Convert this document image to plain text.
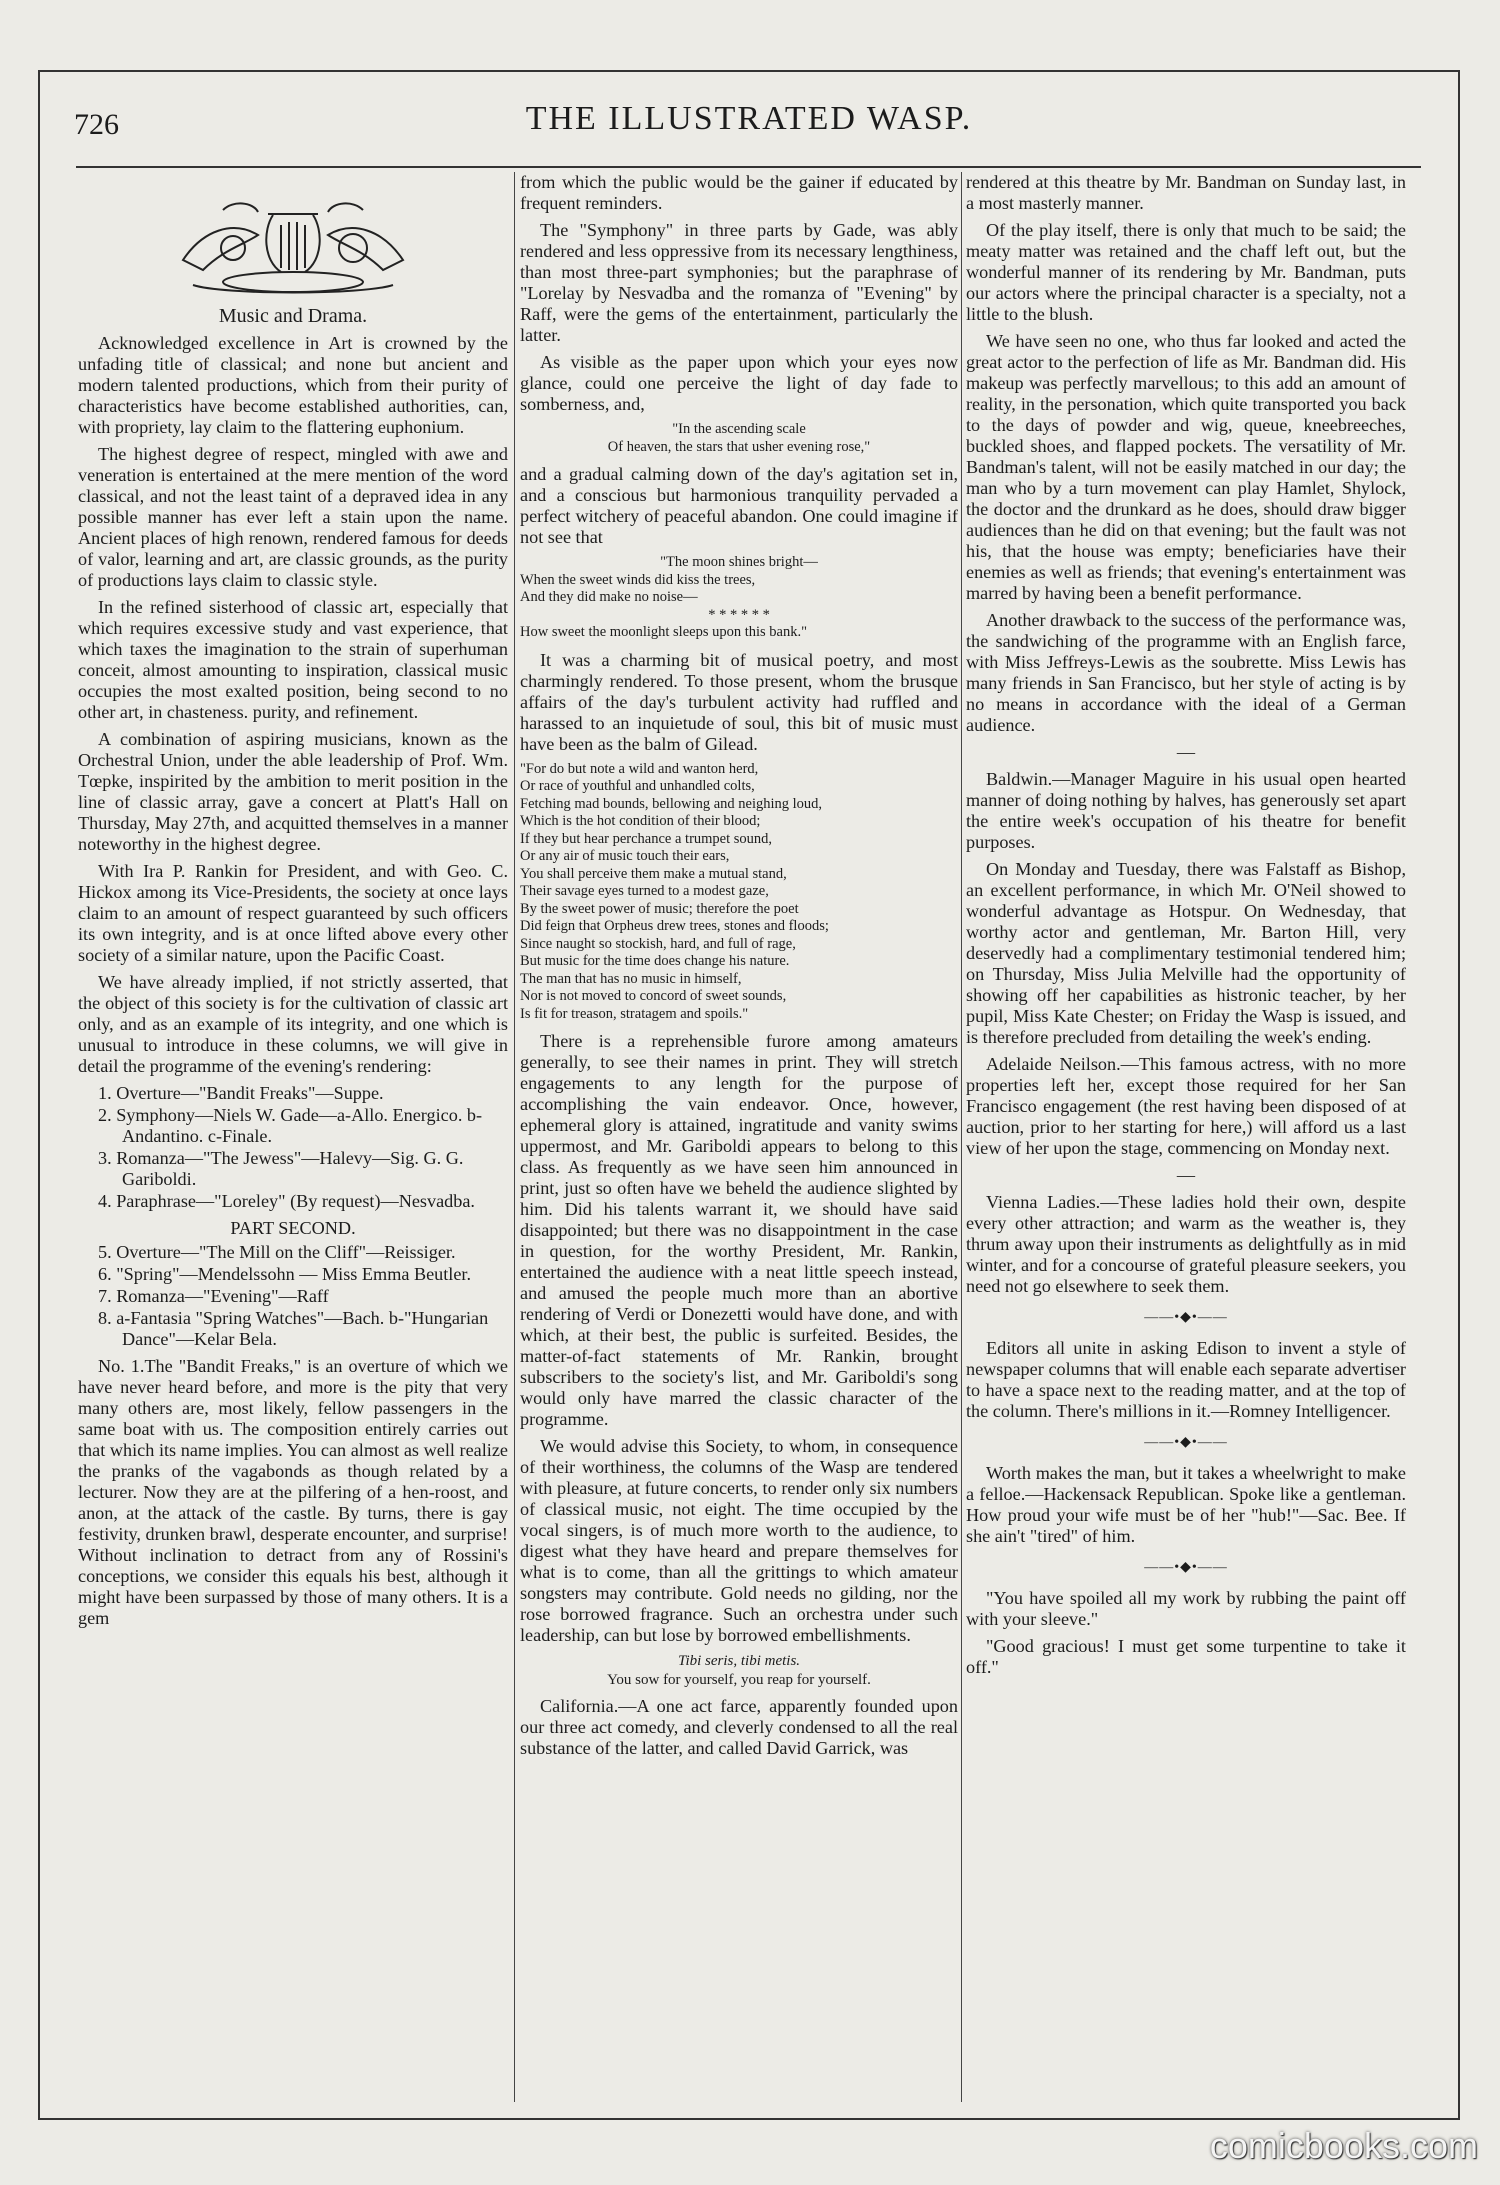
726	THE ILLUSTRATED WASP.
Music and Drama.

Acknowledged excellence in Art is crowned by the unfading title of classical; and none but ancient and modern talented productions, which from their purity of characteristics have become established authorities, can, with propriety, lay claim to the flattering euphonium.

The highest degree of respect, mingled with awe and veneration is entertained at the mere mention of the word classical, and not the least taint of a depraved idea in any possible manner has ever left a stain upon the name. Ancient places of high renown, rendered famous for deeds of valor, learning and art, are classic grounds, as the purity of productions lays claim to classic style.

In the refined sisterhood of classic art, especially that which requires excessive study and vast experience, that which taxes the imagination to the strain of superhuman conceit, almost amounting to inspiration, classical music occupies the most exalted position, being second to no other art, in chasteness. purity, and refinement.

A combination of aspiring musicians, known as the Orchestral Union, under the able leadership of Prof. Wm. Tœpke, inspirited by the ambition to merit position in the line of classic array, gave a concert at Platt's Hall on Thursday, May 27th, and acquitted themselves in a manner noteworthy in the highest degree.

With Ira P. Rankin for President, and with Geo. C. Hickox among its Vice-Presidents, the society at once lays claim to an amount of respect guaranteed by such officers its own integrity, and is at once lifted above every other society of a similar nature, upon the Pacific Coast.

We have already implied, if not strictly asserted, that the object of this society is for the cultivation of classic art only, and as an example of its integrity, and one which is unusual to introduce in these columns, we will give in detail the programme of the evening's rendering:

1. Overture—"Bandit Freaks"—Suppe.
2. Symphony—Niels W. Gade—a-Allo. Energico. b-Andantino. c-Finale.
3. Romanza—"The Jewess"—Halevy—Sig. G. G. Gariboldi.
4. Paraphrase—"Loreley" (By request)—Nesvadba.
PART SECOND.
5. Overture—"The Mill on the Cliff"—Reissiger.
6. "Spring"—Mendelssohn — Miss Emma Beutler.
7. Romanza—"Evening"—Raff
8. a-Fantasia "Spring Watches"—Bach. b-"Hungarian Dance"—Kelar Bela.

No. 1.The "Bandit Freaks," is an overture of which we have never heard before, and more is the pity that very many others are, most likely, fellow passengers in the same boat with us. The composition entirely carries out that which its name implies. You can almost as well realize the pranks of the vagabonds as though related by a lecturer. Now they are at the pilfering of a hen-roost, and anon, at the attack of the castle. By turns, there is gay festivity, drunken brawl, desperate encounter, and surprise! Without inclination to detract from any of Rossini's conceptions, we consider this equals his best, although it might have been surpassed by those of many others. It is a gem

from which the public would be the gainer if educated by frequent reminders.

The "Symphony" in three parts by Gade, was ably rendered and less oppressive from its necessary lengthiness, than most three-part symphonies; but the paraphrase of "Lorelay by Nesvadba and the romanza of "Evening" by Raff, were the gems of the entertainment, particularly the latter.

As visible as the paper upon which your eyes now glance, could one perceive the light of day fade to somberness, and,

"In the ascending scale
Of heaven, the stars that usher evening rose,"

and a gradual calming down of the day's agitation set in, and a conscious but harmonious tranquility pervaded a perfect witchery of peaceful abandon. One could imagine if not see that

"The moon shines bright—
When the sweet winds did kiss the trees,
And they did make no noise—
* * * * * *
How sweet the moonlight sleeps upon this bank."

It was a charming bit of musical poetry, and most charmingly rendered. To those present, whom the brusque affairs of the day's turbulent activity had ruffled and harassed to an inquietude of soul, this bit of music must have been as the balm of Gilead.

"For do but note a wild and wanton herd,
Or race of youthful and unhandled colts,
Fetching mad bounds, bellowing and neighing loud,
Which is the hot condition of their blood;
If they but hear perchance a trumpet sound,
Or any air of music touch their ears,
You shall perceive them make a mutual stand,
Their savage eyes turned to a modest gaze,
By the sweet power of music; therefore the poet
Did feign that Orpheus drew trees, stones and floods;
Since naught so stockish, hard, and full of rage,
But music for the time does change his nature.
The man that has no music in himself,
Nor is not moved to concord of sweet sounds,
Is fit for treason, stratagem and spoils."

There is a reprehensible furore among amateurs generally, to see their names in print. They will stretch engagements to any length for the purpose of accomplishing the vain endeavor. Once, however, ephemeral glory is attained, ingratitude and vanity swims uppermost, and Mr. Gariboldi appears to belong to this class. As frequently as we have seen him announced in print, just so often have we beheld the audience slighted by him. Did his talents warrant it, we should have said disappointed; but there was no disappointment in the case in question, for the worthy President, Mr. Rankin, entertained the audience with a neat little speech instead, and amused the people much more than an abortive rendering of Verdi or Donezetti would have done, and with which, at their best, the public is surfeited. Besides, the matter-of-fact statements of Mr. Rankin, brought subscribers to the society's list, and Mr. Gariboldi's song would only have marred the classic character of the programme.

We would advise this Society, to whom, in consequence of their worthiness, the columns of the Wasp are tendered with pleasure, at future concerts, to render only six numbers of classical music, not eight. The time occupied by the vocal singers, is of much more worth to the audience, to digest what they have heard and prepare themselves for what is to come, than all the grittings to which amateur songsters may contribute. Gold needs no gilding, nor the rose borrowed fragrance. Such an orchestra under such leadership, can but lose by borrowed embellishments.

Tibi seris, tibi metis.
You sow for yourself, you reap for yourself.

California.—A one act farce, apparently founded upon our three act comedy, and cleverly condensed to all the real substance of the latter, and called David Garrick, was

rendered at this theatre by Mr. Bandman on Sunday last, in a most masterly manner.

Of the play itself, there is only that much to be said; the meaty matter was retained and the chaff left out, but the wonderful manner of its rendering by Mr. Bandman, puts our actors where the principal character is a specialty, not a little to the blush.

We have seen no one, who thus far looked and acted the great actor to the perfection of life as Mr. Bandman did. His makeup was perfectly marvellous; to this add an amount of reality, in the personation, which quite transported you back to the days of powder and wig, queue, kneebreeches, buckled shoes, and flapped pockets. The versatility of Mr. Bandman's talent, will not be easily matched in our day; the man who by a turn movement can play Hamlet, Shylock, the doctor and the drunkard as he does, should draw bigger audiences than he did on that evening; but the fault was not his, that the house was empty; beneficiaries have their enemies as well as friends; that evening's entertainment was marred by having been a benefit performance.

Another drawback to the success of the performance was, the sandwiching of the programme with an English farce, with Miss Jeffreys-Lewis as the soubrette. Miss Lewis has many friends in San Francisco, but her style of acting is by no means in accordance with the ideal of a German audience.

—

Baldwin.—Manager Maguire in his usual open hearted manner of doing nothing by halves, has generously set apart the entire week's occupation of his theatre for benefit purposes.

On Monday and Tuesday, there was Falstaff as Bishop, an excellent performance, in which Mr. O'Neil showed to wonderful advantage as Hotspur. On Wednesday, that worthy actor and gentleman, Mr. Barton Hill, very deservedly had a complimentary testimonial tendered him; on Thursday, Miss Julia Melville had the opportunity of showing off her capabilities as histronic teacher, by her pupil, Miss Kate Chester; on Friday the Wasp is issued, and is therefore precluded from detailing the week's ending.

Adelaide Neilson.—This famous actress, with no more properties left her, except those required for her San Francisco engagement (the rest having been disposed of at auction, prior to her starting for here,) will afford us a last view of her upon the stage, commencing on Monday next.

—

Vienna Ladies.—These ladies hold their own, despite every other attraction; and warm as the weather is, they thrum away upon their instruments as delightfully as in mid winter, and for a concourse of grateful pleasure seekers, you need not go elsewhere to seek them.

——•◆•——

Editors all unite in asking Edison to invent a style of newspaper columns that will enable each separate advertiser to have a space next to the reading matter, and at the top of the column. There's millions in it.—Romney Intelligencer.

——•◆•——

Worth makes the man, but it takes a wheelwright to make a felloe.—Hackensack Republican. Spoke like a gentleman. How proud your wife must be of her "hub!"—Sac. Bee. If she ain't "tired" of him.

——•◆•——

"You have spoiled all my work by rubbing the paint off with your sleeve."

"Good gracious! I must get some turpentine to take it off."

comicbooks.com
